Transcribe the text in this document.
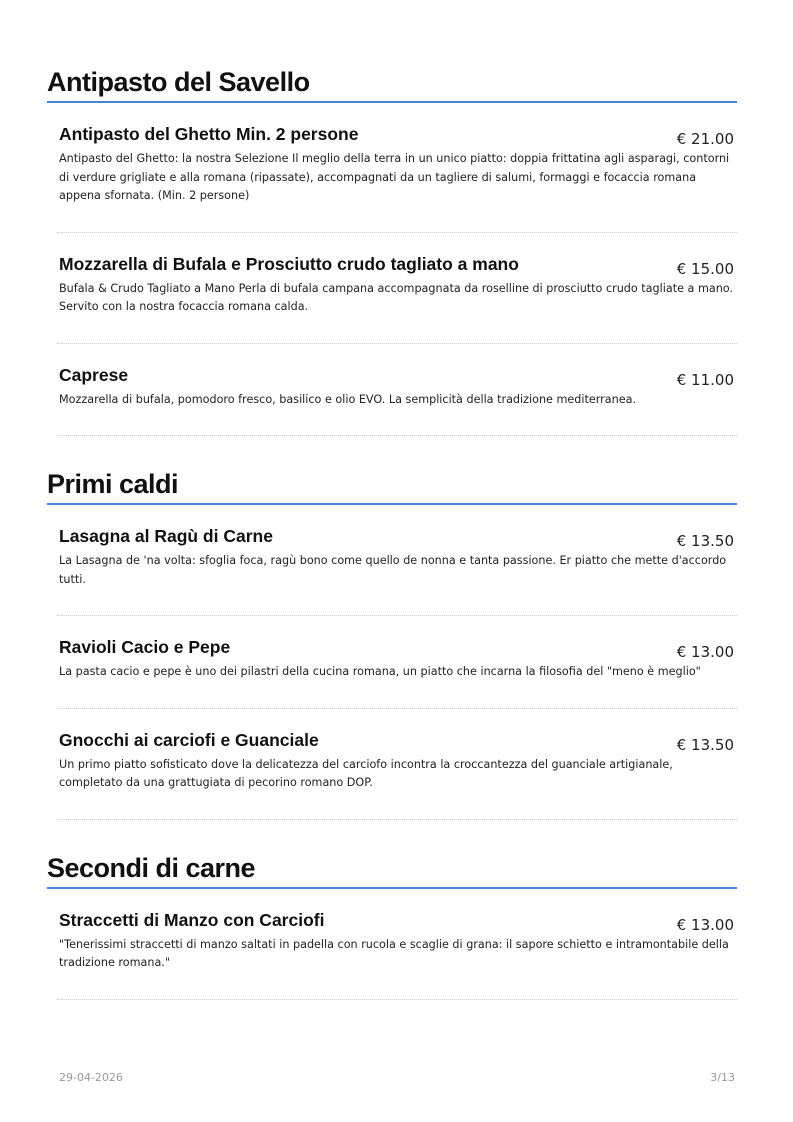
Antipasto del Savello
Antipasto del Ghetto Min. 2 persone	€ 21.00
Antipasto del Ghetto: la nostra Selezione Il meglio della terra in un unico piatto: doppia frittatina agli asparagi, contorni di verdure grigliate e alla romana (ripassate), accompagnati da un tagliere di salumi, formaggi e focaccia romana appena sfornata. (Min. 2 persone)
Mozzarella di Bufala e Prosciutto crudo tagliato a mano	€ 15.00
Bufala & Crudo Tagliato a Mano Perla di bufala campana accompagnata da roselline di prosciutto crudo tagliate a mano. Servito con la nostra focaccia romana calda.
Caprese	€ 11.00
Mozzarella di bufala, pomodoro fresco, basilico e olio EVO. La semplicità della tradizione mediterranea.
Primi caldi
Lasagna al Ragù di Carne	€ 13.50
La Lasagna de 'na volta: sfoglia foca, ragù bono come quello de nonna e tanta passione. Er piatto che mette d'accordo tutti.
Ravioli Cacio e Pepe	€ 13.00
La pasta cacio e pepe è uno dei pilastri della cucina romana, un piatto che incarna la filosofia del "meno è meglio"
Gnocchi ai carciofi e Guanciale	€ 13.50
Un primo piatto sofisticato dove la delicatezza del carciofo incontra la croccantezza del guanciale artigianale, completato da una grattugiata di pecorino romano DOP.
Secondi di carne
Straccetti di Manzo con Carciofi	€ 13.00
"Tenerissimi straccetti di manzo saltati in padella con rucola e scaglie di grana: il sapore schietto e intramontabile della tradizione romana."
29-04-2026	3/13
